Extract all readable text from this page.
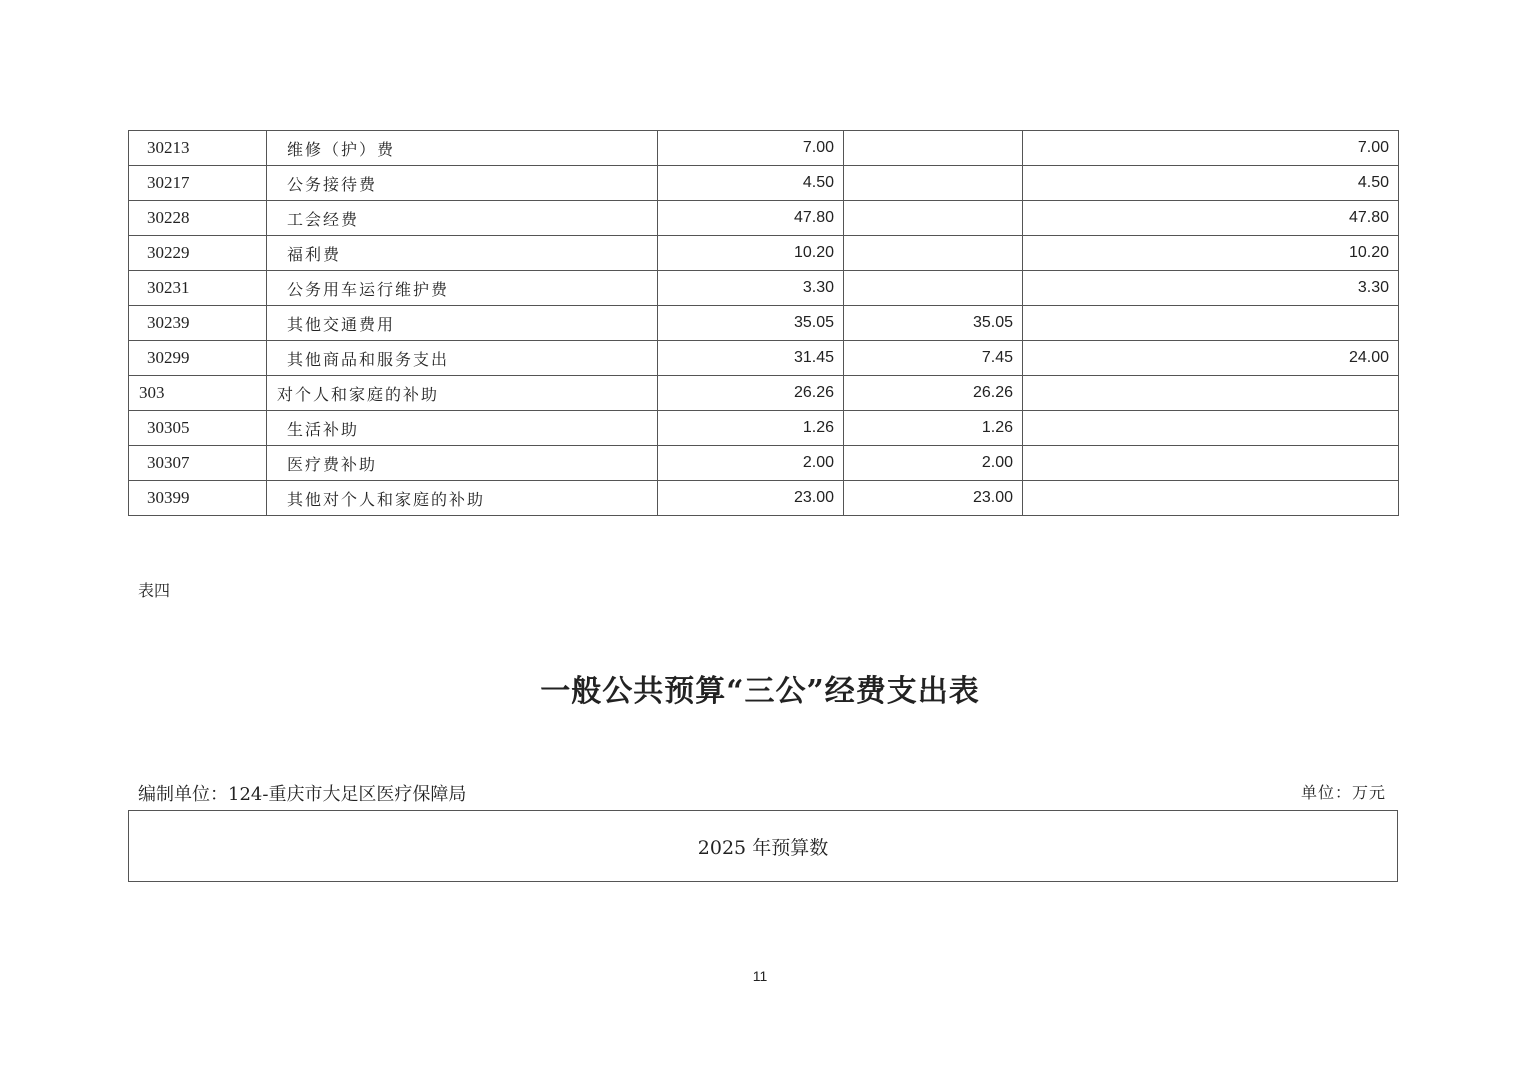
30213	维修（护）费	7.00		7.00
30217	公务接待费	4.50		4.50
30228	工会经费	47.80		47.80
30229	福利费	10.20		10.20
30231	公务用车运行维护费	3.30		3.30
30239	其他交通费用	35.05	35.05	
30299	其他商品和服务支出	31.45	7.45	24.00
303	对个人和家庭的补助	26.26	26.26	
30305	生活补助	1.26	1.26	
30307	医疗费补助	2.00	2.00	
30399	其他对个人和家庭的补助	23.00	23.00	
表四
一般公共预算“三公”经费支出表
编制单位：124-重庆市大足区医疗保障局	单位：万元
2025 年预算数
11
